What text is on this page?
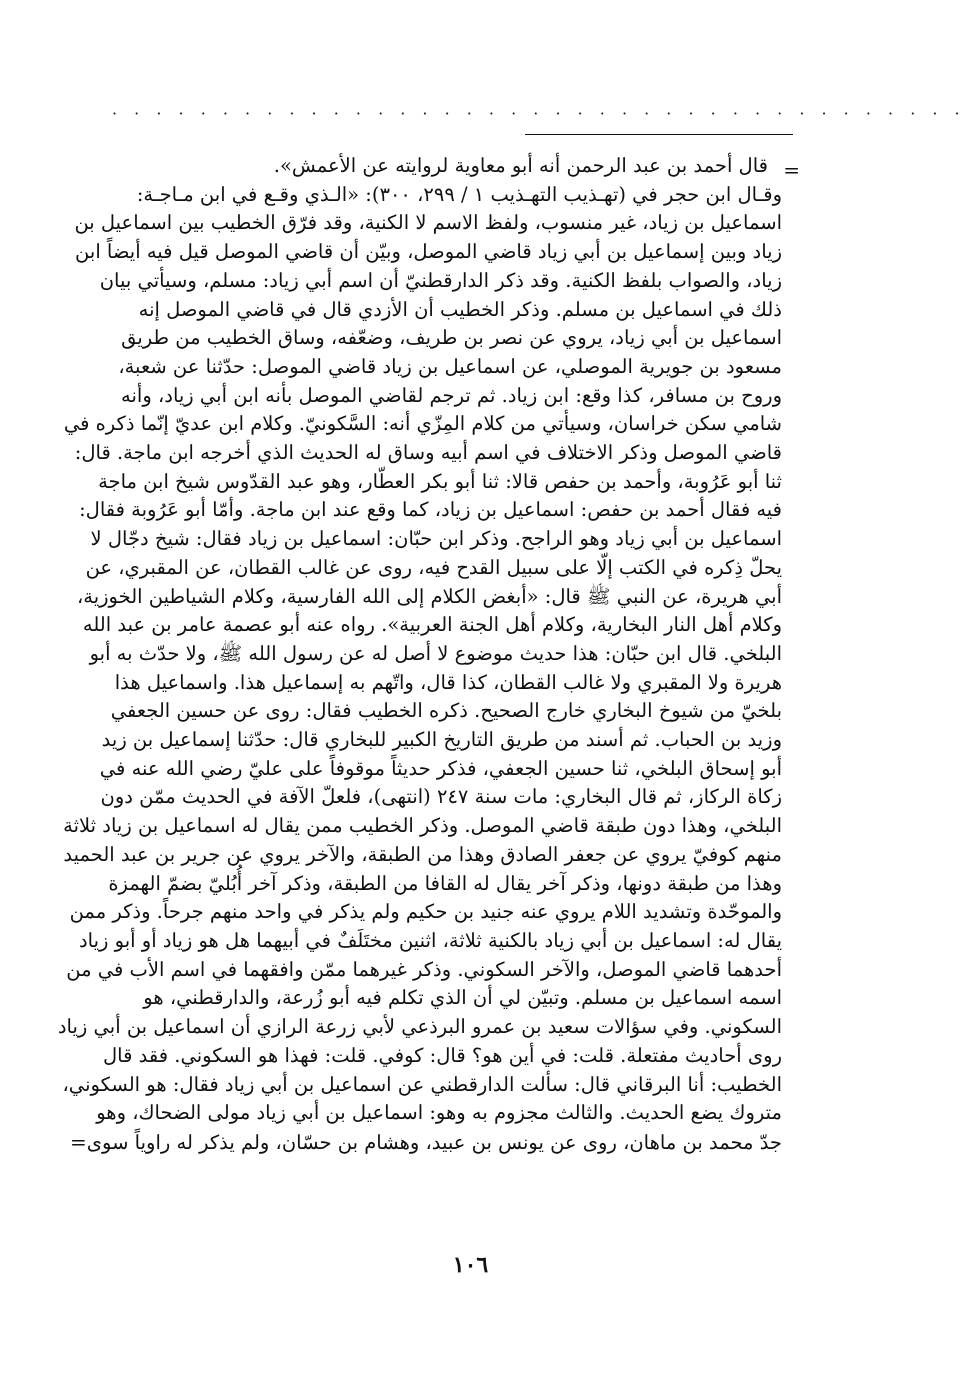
· · · · · · · · · · · · · · · · · · · · · · · · · · · · · · · · · · · · · · ·
=
قال أحمد بن عبد الرحمن أنه أبو معاوية لروايته عن الأعمش».
وقـال ابن حجر في (تهـذيب التهـذيب ١ / ٢٩٩، ٣٠٠): «الـذي وقـع في ابن مـاجـة:
اسماعيل بن زياد، غير منسوب، ولفظ الاسم لا الكنية، وقد فرّق الخطيب بين اسماعيل بن
زياد وبين إسماعيل بن أبي زياد قاضي الموصل، وبيّن أن قاضي الموصل قيل فيه أيضاً ابن
زياد، والصواب بلفظ الكنية. وقد ذكر الدارقطنيّ أن اسم أبي زياد: مسلم، وسيأتي بيان
ذلك في اسماعيل بن مسلم. وذكر الخطيب أن الأزدي قال في قاضي الموصل إنه
اسماعيل بن أبي زياد، يروي عن نصر بن طريف، وضعّفه، وساق الخطيب من طريق
مسعود بن جويرية الموصلي، عن اسماعيل بن زياد قاضي الموصل: حدّثنا عن شعبة،
وروح بن مسافر، كذا وقع: ابن زياد. ثم ترجم لقاضي الموصل بأنه ابن أبي زياد، وأنه
شامي سكن خراسان، وسيأتي من كلام المِزّي أنه: السَّكونيّ. وكلام ابن عديّ إنّما ذكره في
قاضي الموصل وذكر الاختلاف في اسم أبيه وساق له الحديث الذي أخرجه ابن ماجة. قال:
ثنا أبو عَرُوبة، وأحمد بن حفص قالا: ثنا أبو بكر العطّار، وهو عبد القدّوس شيخ ابن ماجة
فيه فقال أحمد بن حفص: اسماعيل بن زياد، كما وقع عند ابن ماجة. وأمّا أبو عَرُوبة فقال:
اسماعيل بن أبي زياد وهو الراجح. وذكر ابن حبّان: اسماعيل بن زياد فقال: شيخ دجّال لا
يحلّ ذِكره في الكتب إلّا على سبيل القدح فيه، روى عن غالب القطان، عن المقبري، عن
أبي هريرة، عن النبي ﷺ قال: «أبغض الكلام إلى الله الفارسية، وكلام الشياطين الخوزية،
وكلام أهل النار البخارية، وكلام أهل الجنة العربية». رواه عنه أبو عصمة عامر بن عبد الله
البلخي. قال ابن حبّان: هذا حديث موضوع لا أصل له عن رسول الله ﷺ، ولا حدّث به أبو
هريرة ولا المقبري ولا غالب القطان، كذا قال، واتّهم به إسماعيل هذا. واسماعيل هذا
بلخيّ من شيوخ البخاري خارج الصحيح. ذكره الخطيب فقال: روى عن حسين الجعفي
وزيد بن الحباب. ثم أسند من طريق التاريخ الكبير للبخاري قال: حدّثنا إسماعيل بن زيد
أبو إسحاق البلخي، ثنا حسين الجعفي، فذكر حديثاً موقوفاً على عليّ رضي الله عنه في
زكاة الركاز، ثم قال البخاري: مات سنة ٢٤٧ (انتهى)، فلعلّ الآفة في الحديث ممّن دون
البلخي، وهذا دون طبقة قاضي الموصل. وذكر الخطيب ممن يقال له اسماعيل بن زياد ثلاثة
منهم كوفيّ يروي عن جعفر الصادق وهذا من الطبقة، والآخر يروي عن جرير بن عبد الحميد
وهذا من طبقة دونها، وذكر آخر يقال له القافا من الطبقة، وذكر آخر أُبُليّ بضمّ الهمزة
والموحّدة وتشديد اللام يروي عنه جنيد بن حكيم ولم يذكر في واحد منهم جرحاً. وذكر ممن
يقال له: اسماعيل بن أبي زياد بالكنية ثلاثة، اثنين مختَلَفٌ في أبيهما هل هو زياد أو أبو زياد
أحدهما قاضي الموصل، والآخر السكوني. وذكر غيرهما ممّن وافقهما في اسم الأب في من
اسمه اسماعيل بن مسلم. وتبيّن لي أن الذي تكلم فيه أبو زُرعة، والدارقطني، هو
السكوني. وفي سؤالات سعيد بن عمرو البرذعي لأبي زرعة الرازي أن اسماعيل بن أبي زياد
روى أحاديث مفتعلة. قلت: في أين هو؟ قال: كوفي. قلت: فهذا هو السكوني. فقد قال
الخطيب: أنا البرقاني قال: سألت الدارقطني عن اسماعيل بن أبي زياد فقال: هو السكوني،
متروك يضع الحديث. والثالث مجزوم به وهو: اسماعيل بن أبي زياد مولى الضحاك، وهو
جدّ محمد بن ماهان، روى عن يونس بن عبيد، وهشام بن حسّان، ولم يذكر له راوياً سوى=
١٠٦
